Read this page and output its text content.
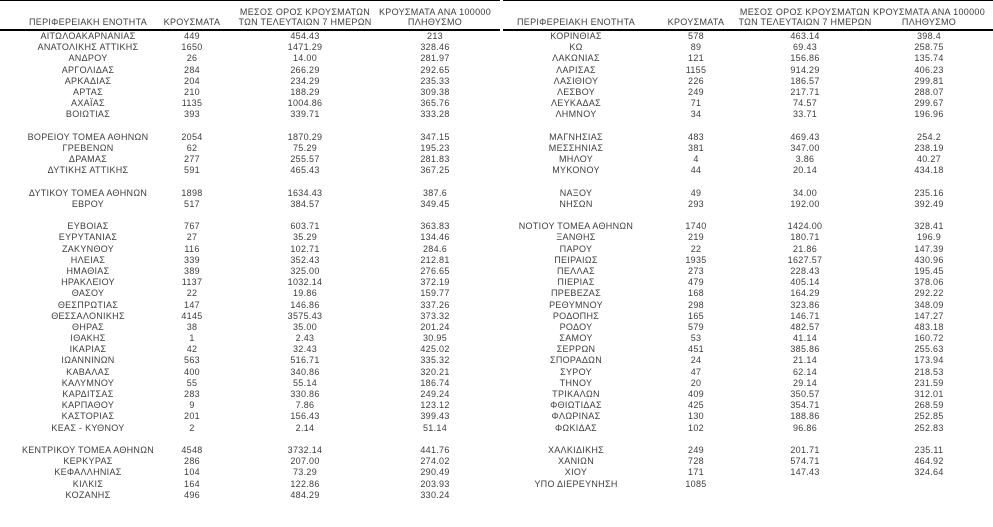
ΠΕΡΙΦΕΡΕΙΑΚΗ ΕΝΟΤΗΤΑ ΚΡΟΥΣΜΑΤΑ
ΜΕΣΟΣ ΟΡΟΣ ΚΡΟΥΣΜΑΤΩΝ
ΤΩΝ ΤΕΛΕΥΤΑΙΩΝ 7 ΗΜΕΡΩΝ
ΚΡΟΥΣΜΑΤΑ ΑΝΑ 100000
ΠΛΗΘΥΣΜΟ
ΑΙΤΩΛΟΑΚΑΡΝΑΝΙΑΣ	449	454.43	213
ΑΝΑΤΟΛΙΚΗΣ ΑΤΤΙΚΗΣ	1650	1471.29	328.46
ΑΝΔΡΟΥ	26	14.00	281.97
ΑΡΓΟΛΙΔΑΣ	284	266.29	292.65
ΑΡΚΑΔΙΑΣ	204	234.29	235.33
ΑΡΤΑΣ	210	188.29	309.38
ΑΧΑΪΑΣ	1135	1004.86	365.76
ΒΟΙΩΤΙΑΣ	393	339.71	333.28
ΒΟΡΕΙΟΥ ΤΟΜΕΑ ΑΘΗΝΩΝ	2054	1870.29	347.15
ΓΡΕΒΕΝΩΝ	62	75.29	195.23
ΔΡΑΜΑΣ	277	255.57	281.83
ΔΥΤΙΚΗΣ ΑΤΤΙΚΗΣ	591	465.43	367.25
ΔΥΤΙΚΟΥ ΤΟΜΕΑ ΑΘΗΝΩΝ	1898	1634.43	387.6
ΕΒΡΟΥ	517	384.57	349.45
ΕΥΒΟΙΑΣ	767	603.71	363.83
ΕΥΡΥΤΑΝΙΑΣ	27	35.29	134.46
ΖΑΚΥΝΘΟΥ	116	102.71	284.6
ΗΛΕΙΑΣ	339	352.43	212.81
ΗΜΑΘΙΑΣ	389	325.00	276.65
ΗΡΑΚΛΕΙΟΥ	1137	1032.14	372.19
ΘΑΣΟΥ	22	19.86	159.77
ΘΕΣΠΡΩΤΙΑΣ	147	146.86	337.26
ΘΕΣΣΑΛΟΝΙΚΗΣ	4145	3575.43	373.32
ΘΗΡΑΣ	38	35.00	201.24
ΙΘΑΚΗΣ	1	2.43	30.95
ΙΚΑΡΙΑΣ	42	32.43	425.02
ΙΩΑΝΝΙΝΩΝ	563	516.71	335.32
ΚΑΒΑΛΑΣ	400	340.86	320.21
ΚΑΛΥΜΝΟΥ	55	55.14	186.74
ΚΑΡΔΙΤΣΑΣ	283	330.86	249.24
ΚΑΡΠΑΘΟΥ	9	7.86	123.12
ΚΑΣΤΟΡΙΑΣ	201	156.43	399.43
ΚΕΑΣ - ΚΥΘΝΟΥ	2	2.14	51.14
ΚΕΝΤΡΙΚΟΥ ΤΟΜΕΑ ΑΘΗΝΩΝ	4548	3732.14	441.76
ΚΕΡΚΥΡΑΣ	286	207.00	274.02
ΚΕΦΑΛΛΗΝΙΑΣ	104	73.29	290.49
ΚΙΛΚΙΣ	164	122.86	203.93
ΚΟΖΑΝΗΣ	496	484.29	330.24
ΠΕΡΙΦΕΡΕΙΑΚΗ ΕΝΟΤΗΤΑ	ΚΡΟΥΣΜΑΤΑ
ΜΕΣΟΣ ΟΡΟΣ ΚΡΟΥΣΜΑΤΩΝ
ΤΩΝ ΤΕΛΕΥΤΑΙΩΝ 7 ΗΜΕΡΩΝ
ΚΡΟΥΣΜΑΤΑ ΑΝΑ 100000
ΠΛΗΘΥΣΜΟ
ΚΟΡΙΝΘΙΑΣ	578	463.14	398.4
ΚΩ	89	69.43	258.75
ΛΑΚΩΝΙΑΣ	121	156.86	135.74
ΛΑΡΙΣΑΣ	1155	914.29	406.23
ΛΑΣΙΘΙΟΥ	226	186.57	299.81
ΛΕΣΒΟΥ	249	217.71	288.07
ΛΕΥΚΑΔΑΣ	71	74.57	299.67
ΛΗΜΝΟΥ	34	33.71	196.96
ΜΑΓΝΗΣΙΑΣ	483	469.43	254.2
ΜΕΣΣΗΝΙΑΣ	381	347.00	238.19
ΜΗΛΟΥ	4	3.86	40.27
ΜΥΚΟΝΟΥ	44	20.14	434.18
ΝΑΞΟΥ	49	34.00	235.16
ΝΗΣΩΝ	293	192.00	392.49
ΝΟΤΙΟΥ ΤΟΜΕΑ ΑΘΗΝΩΝ	1740	1424.00	328.41
ΞΑΝΘΗΣ	219	180.71	196.9
ΠΑΡΟΥ	22	21.86	147.39
ΠΕΙΡΑΙΩΣ	1935	1627.57	430.96
ΠΕΛΛΑΣ	273	228.43	195.45
ΠΙΕΡΙΑΣ	479	405.14	378.06
ΠΡΕΒΕΖΑΣ	168	164.29	292.22
ΡΕΘΥΜΝΟΥ	298	323.86	348.09
ΡΟΔΟΠΗΣ	165	146.71	147.27
ΡΟΔΟΥ	579	482.57	483.18
ΣΑΜΟΥ	53	41.14	160.72
ΣΕΡΡΩΝ	451	385.86	255.63
ΣΠΟΡΑΔΩΝ	24	21.14	173.94
ΣΥΡΟΥ	47	62.14	218.53
ΤΗΝΟΥ	20	29.14	231.59
ΤΡΙΚΑΛΩΝ	409	350.57	312.01
ΦΘΙΩΤΙΔΑΣ	425	354.71	268.59
ΦΛΩΡΙΝΑΣ	130	188.86	252.85
ΦΩΚΙΔΑΣ	102	96.86	252.83
ΧΑΛΚΙΔΙΚΗΣ	249	201.71	235.11
ΧΑΝΙΩΝ	728	574.71	464.92
ΧΙΟΥ	171	147.43	324.64
ΥΠΟ ΔΙΕΡΕΥΝΗΣΗ	1085
